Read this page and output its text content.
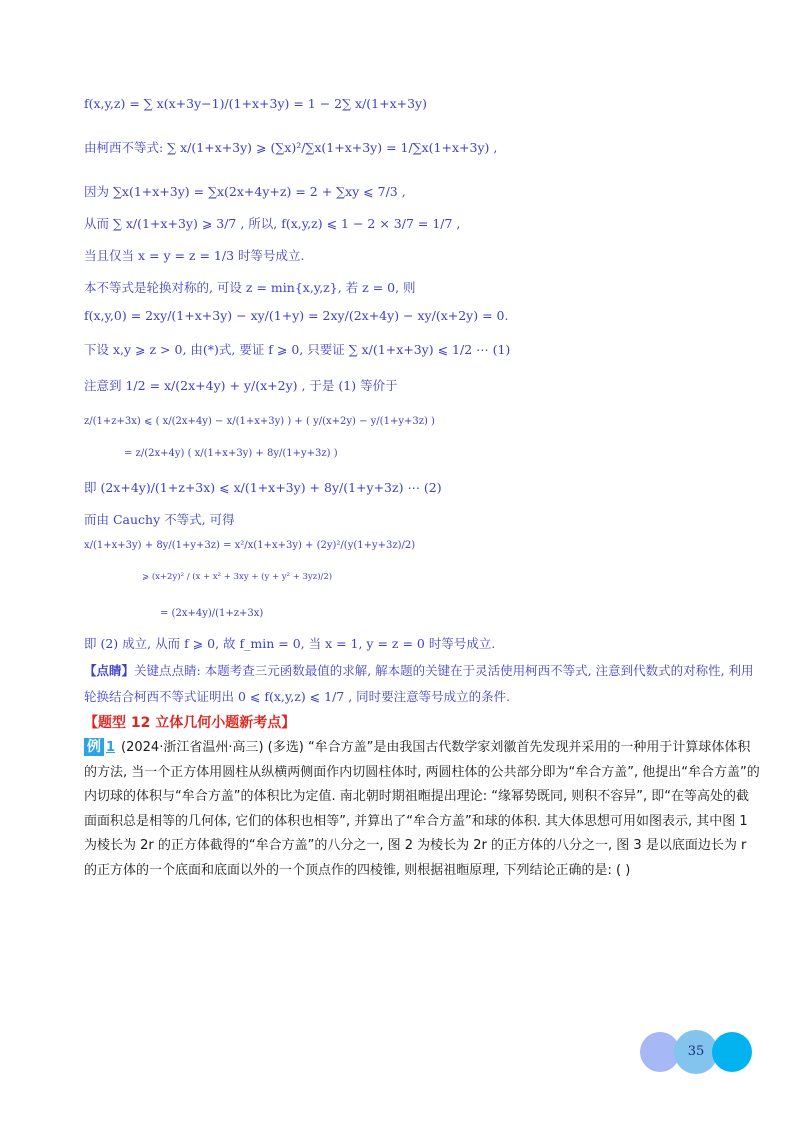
f(x,y,z) = ∑ x(x+3y−1)/(1+x+3y) = 1 − 2∑ x/(1+x+3y)
由柯西不等式: ∑ x/(1+x+3y) ⩾ (∑x)²/∑x(1+x+3y) = 1/∑x(1+x+3y) ,
因为 ∑x(1+x+3y) = ∑x(2x+4y+z) = 2 + ∑xy ⩽ 7/3 ,
从而 ∑ x/(1+x+3y) ⩾ 3/7 , 所以, f(x,y,z) ⩽ 1 − 2 × 3/7 = 1/7 ,
当且仅当 x = y = z = 1/3 时等号成立.
本不等式是轮换对称的, 可设 z = min{x,y,z}, 若 z = 0, 则
f(x,y,0) = 2xy/(1+x+3y) − xy/(1+y) = 2xy/(2x+4y) − xy/(x+2y) = 0.
下设 x,y ⩾ z > 0, 由(*)式, 要证 f ⩾ 0, 只要证 ∑ x/(1+x+3y) ⩽ 1/2 ⋯ (1)
注意到 1/2 = x/(2x+4y) + y/(x+2y) , 于是 (1) 等价于
z/(1+z+3x) ⩽ ( x/(2x+4y) − x/(1+x+3y) ) + ( y/(x+2y) − y/(1+y+3z) )
= z/(2x+4y) ( x/(1+x+3y) + 8y/(1+y+3z) )
即 (2x+4y)/(1+z+3x) ⩽ x/(1+x+3y) + 8y/(1+y+3z) ⋯ (2)
而由 Cauchy 不等式, 可得
x/(1+x+3y) + 8y/(1+y+3z) = x²/x(1+x+3y) + (2y)²/(y(1+y+3z)/2)
⩾ (x+2y)² / (x + x² + 3xy + (y + y² + 3yz)/2)
= (2x+4y)/(1+z+3x)
即 (2) 成立, 从而 f ⩾ 0, 故 f_min = 0, 当 x = 1, y = z = 0 时等号成立.
【点睛】关键点点睛: 本题考查三元函数最值的求解, 解本题的关键在于灵活使用柯西不等式, 注意到代数式的对称性, 利用轮换结合柯西不等式证明出 0 ⩽ f(x,y,z) ⩽ 1/7 , 同时要注意等号成立的条件.
【题型 12 立体几何小题新考点】
例 1 (2024·浙江省温州·高三) (多选) “牟合方盖”是由我国古代数学家刘徽首先发现并采用的一种用于计算球体体积的方法, 当一个正方体用圆柱从纵横两侧面作内切圆柱体时, 两圆柱体的公共部分即为“牟合方盖”, 他提出“牟合方盖”的内切球的体积与“牟合方盖”的体积比为定值. 南北朝时期祖暅提出理论: “缘幂势既同, 则积不容异”, 即“在等高处的截面面积总是相等的几何体, 它们的体积也相等”, 并算出了“牟合方盖”和球的体积. 其大体思想可用如图表示, 其中图 1 为棱长为 2r 的正方体截得的“牟合方盖”的八分之一, 图 2 为棱长为 2r 的正方体的八分之一, 图 3 是以底面边长为 r 的正方体的一个底面和底面以外的一个顶点作的四棱锥, 则根据祖暅原理, 下列结论正确的是: ( )
35
